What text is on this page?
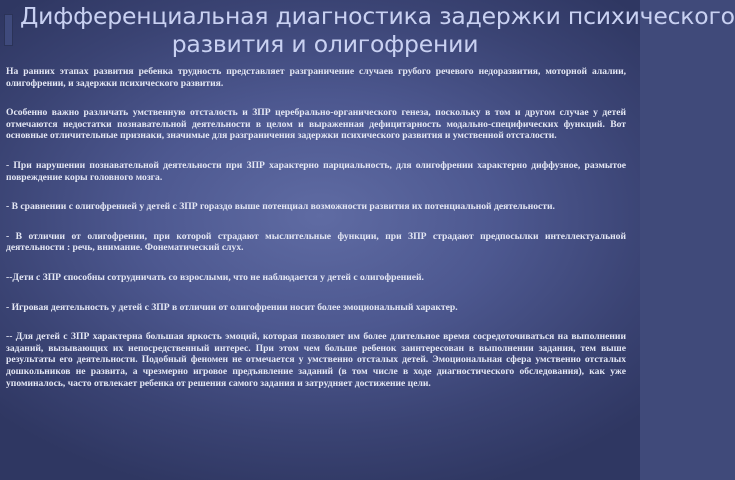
Дифференциальная диагностика задержки психического
развития и олигофрении

На ранних этапах развития ребенка трудность представляет разграничение случаев грубого речевого недоразвития, моторной алалии, олигофрении, и задержки психического развития.

Особенно важно различать умственную отсталость и ЗПР церебрально-органического генеза, поскольку в том и другом случае у детей отмечаются недостатки познавательной деятельности в целом и выраженная дефицитарность модально-специфических функций. Вот основные отличительные признаки, значимые для разграничения задержки психического развития и умственной отсталости.

- При нарушении познавательной деятельности при ЗПР характерно парциальность, для олигофрении характерно диффузное, размытое повреждение коры головного мозга.

- В сравнении с олигофренией у детей с ЗПР гораздо выше потенциал возможности развития их потенциальной деятельности.

- В отличии от олигофрении, при которой страдают мыслительные функции, при ЗПР страдают предпосылки интеллектуальной деятельности : речь, внимание. Фонематический слух.

--Дети с ЗПР способны сотрудничать со взрослыми, что не наблюдается у детей с олигофренией.

- Игровая деятельность у детей с ЗПР в отличии от олигофрении носит более эмоциональный характер.

-- Для детей с ЗПР характерна большая яркость эмоций, которая позволяет им более длительное время сосредоточиваться на выполнении заданий, вызывающих их непосредственный интерес. При этом чем больше ребенок заинтересован в выполнении задания, тем выше результаты его деятельности. Подобный феномен не отмечается у умственно отсталых детей. Эмоциональная сфера умственно отсталых дошкольников не развита, а чрезмерно игровое предъявление заданий (в том числе в ходе диагностического обследования), как уже упоминалось, часто отвлекает ребенка от решения самого задания и затрудняет достижение цели.
